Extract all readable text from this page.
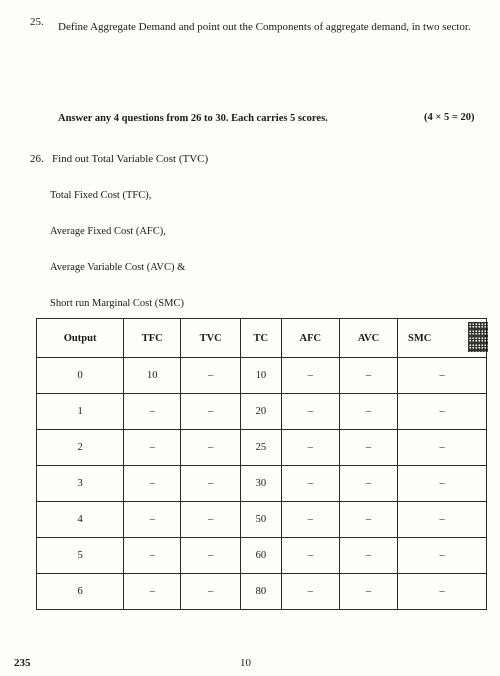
25. Define Aggregate Demand and point out the Components of aggregate demand, in two sector.
Answer any 4 questions from 26 to 30. Each carries 5 scores.	(4 × 5 = 20)
26. Find out Total Variable Cost (TVC)
Total Fixed Cost (TFC),
Average Fixed Cost (AFC),
Average Variable Cost (AVC) &
Short run Marginal Cost (SMC)
Output	TFC	TVC	TC	AFC	AVC	SMC
0	10	–	10	–	–	–
1	–	–	20	–	–	–
2	–	–	25	–	–	–
3	–	–	30	–	–	–
4	–	–	50	–	–	–
5	–	–	60	–	–	–
6	–	–	80	–	–	–
235	10
